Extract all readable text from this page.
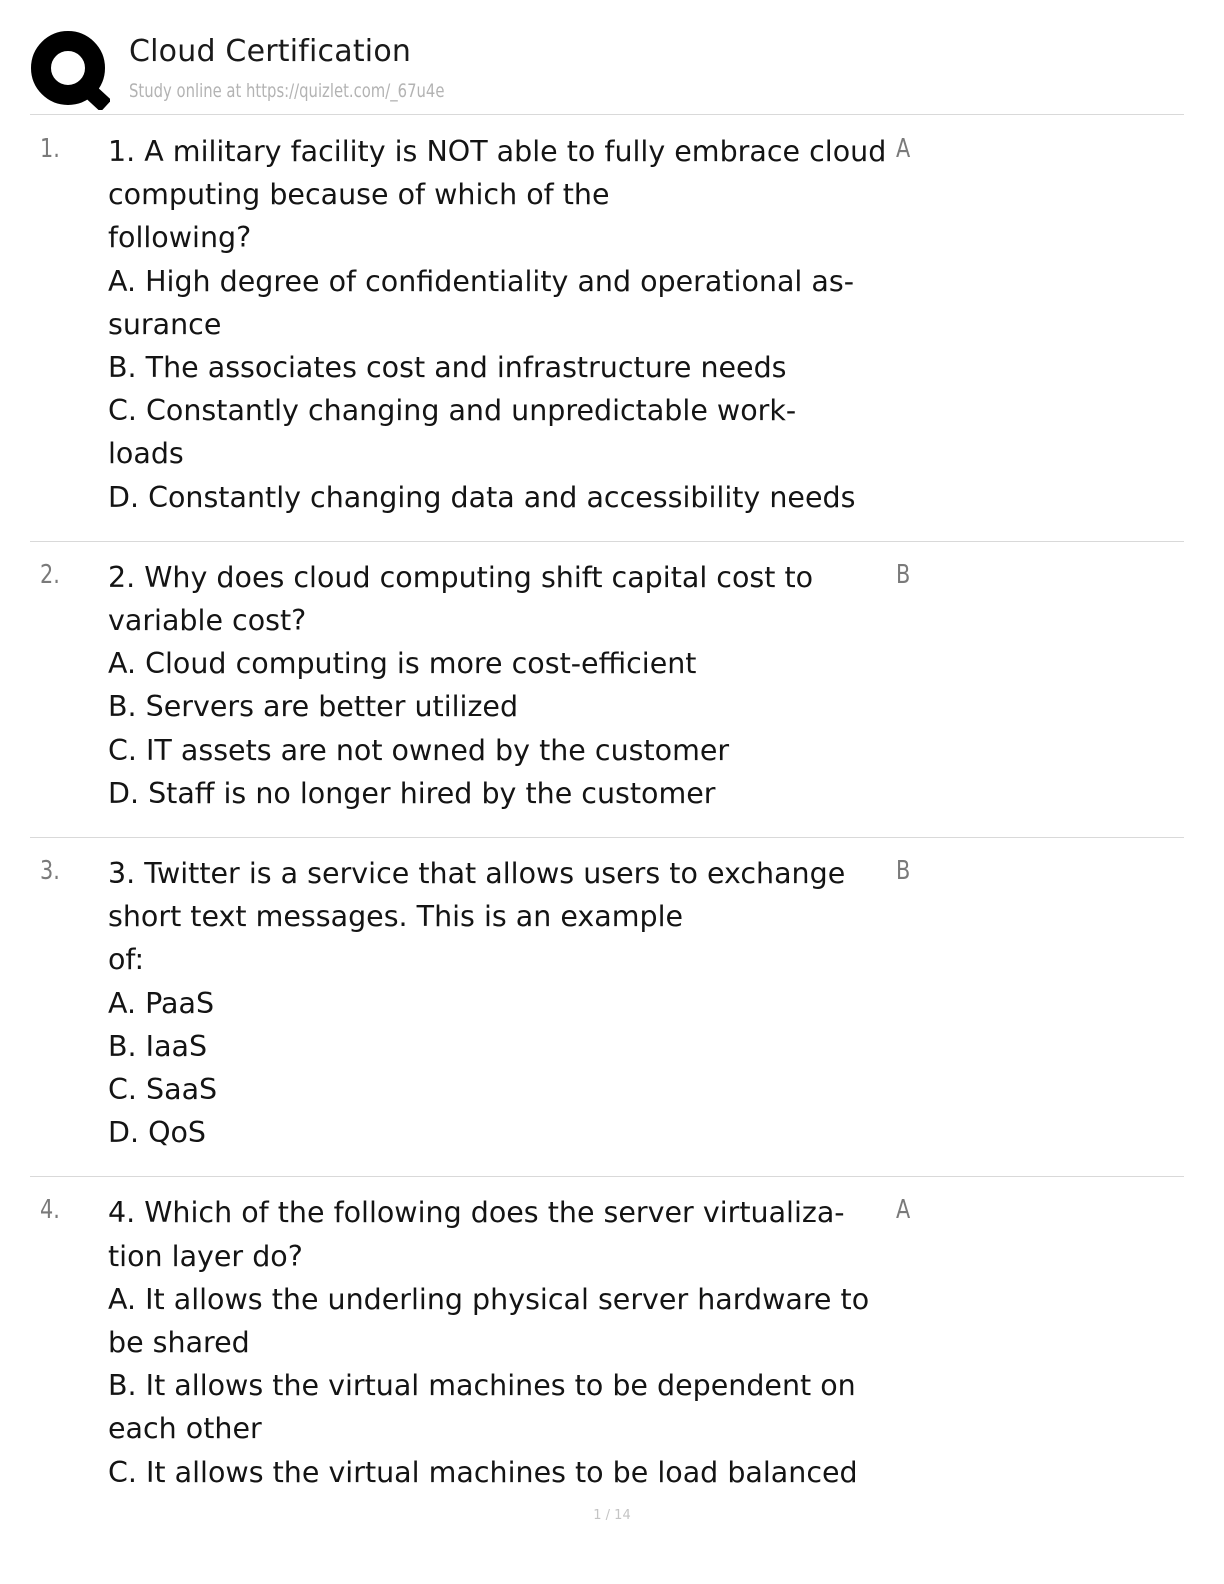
Cloud Certification
Study online at https://quizlet.com/_67u4e
1. 1. A military facility is NOT able to fully embrace cloud
computing because of which of the
following?
A. High degree of confidentiality and operational as-
surance
B. The associates cost and infrastructure needs
C. Constantly changing and unpredictable work-
loads
D. Constantly changing data and accessibility needs
A
2. 2. Why does cloud computing shift capital cost to
variable cost?
A. Cloud computing is more cost-efficient
B. Servers are better utilized
C. IT assets are not owned by the customer
D. Staff is no longer hired by the customer
B
3. 3. Twitter is a service that allows users to exchange
short text messages. This is an example
of:
A. PaaS
B. IaaS
C. SaaS
D. QoS
B
4. 4. Which of the following does the server virtualiza-
tion layer do?
A. It allows the underling physical server hardware to
be shared
B. It allows the virtual machines to be dependent on
each other
C. It allows the virtual machines to be load balanced
A
1 / 14
